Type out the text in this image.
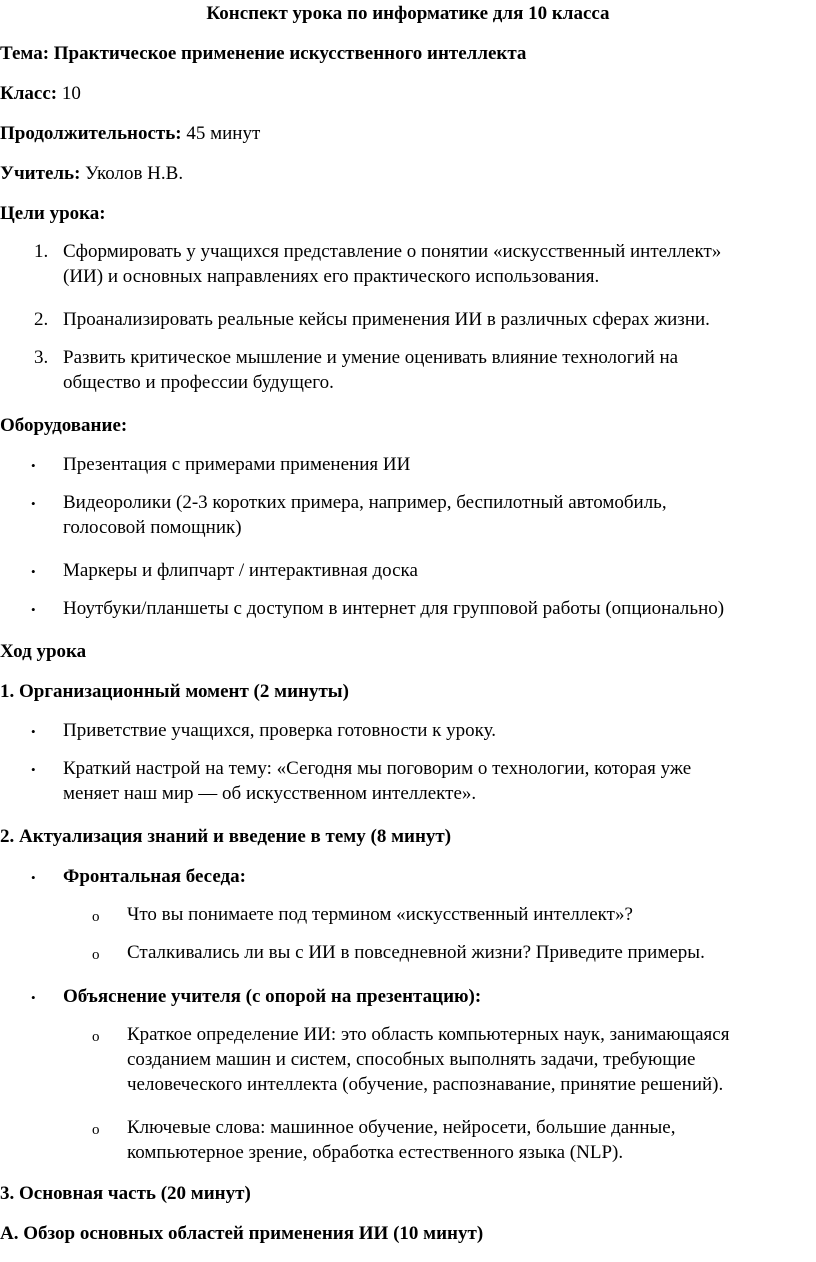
Конспект урока по информатике для 10 класса
Тема: Практическое применение искусственного интеллекта
Класс: 10
Продолжительность: 45 минут
Учитель: Уколов Н.В.
Цели урока:
1. Сформировать у учащихся представление о понятии «искусственный интеллект»
(ИИ) и основных направлениях его практического использования.
2. Проанализировать реальные кейсы применения ИИ в различных сферах жизни.
3. Развить критическое мышление и умение оценивать влияние технологий на
общество и профессии будущего.
Оборудование:
• Презентация с примерами применения ИИ
• Видеоролики (2-3 коротких примера, например, беспилотный автомобиль,
голосовой помощник)
• Маркеры и флипчарт / интерактивная доска
• Ноутбуки/планшеты с доступом в интернет для групповой работы (опционально)
Ход урока
1. Организационный момент (2 минуты)
• Приветствие учащихся, проверка готовности к уроку.
• Краткий настрой на тему: «Сегодня мы поговорим о технологии, которая уже
меняет наш мир — об искусственном интеллекте».
2. Актуализация знаний и введение в тему (8 минут)
• Фронтальная беседа:
o Что вы понимаете под термином «искусственный интеллект»?
o Сталкивались ли вы с ИИ в повседневной жизни? Приведите примеры.
• Объяснение учителя (с опорой на презентацию):
o Краткое определение ИИ: это область компьютерных наук, занимающаяся
созданием машин и систем, способных выполнять задачи, требующие
человеческого интеллекта (обучение, распознавание, принятие решений).
o Ключевые слова: машинное обучение, нейросети, большие данные,
компьютерное зрение, обработка естественного языка (NLP).
3. Основная часть (20 минут)
А. Обзор основных областей применения ИИ (10 минут)
